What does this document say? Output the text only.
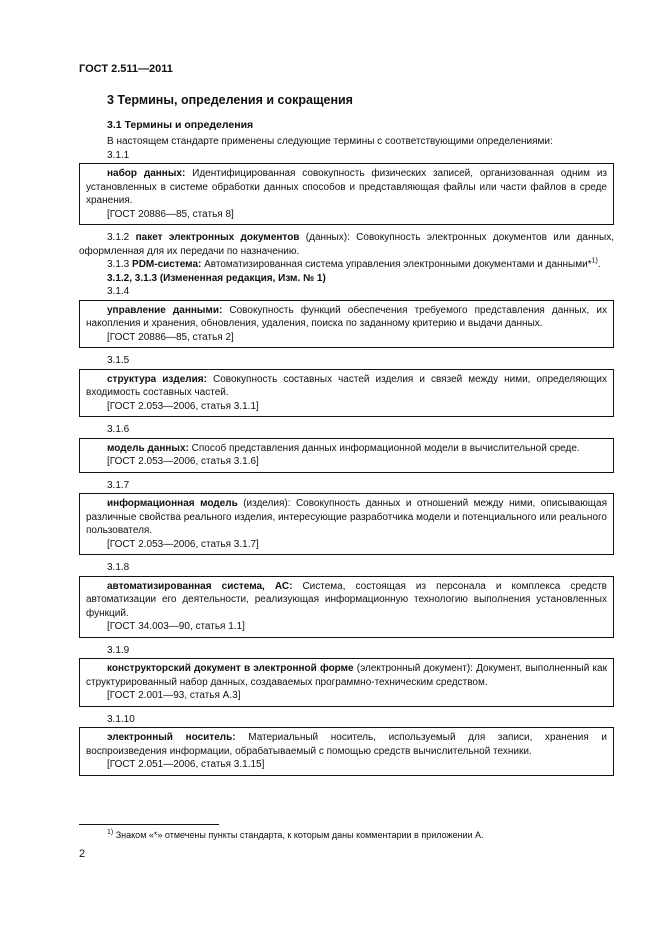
ГОСТ 2.511—2011
3 Термины, определения и сокращения
3.1 Термины и определения

В настоящем стандарте применены следующие термины с соответствующими определениями:

3.1.1

набор данных: Идентифицированная совокупность физических записей, организованная одним из установленных в системе обработки данных способов и представляющая файлы или части файлов в среде хранения.

[ГОСТ 20886—85, статья 8]

3.1.2 пакет электронных документов (данных): Совокупность электронных документов или данных, оформленная для их передачи по назначению.

3.1.3 PDM-система: Автоматизированная система управления электронными документами и данными*$^{1)}$.

3.1.2, 3.1.3 (Измененная редакция, Изм. № 1)

3.1.4

управление данными: Совокупность функций обеспечения требуемого представления данных, их накопления и хранения, обновления, удаления, поиска по заданному критерию и выдачи данных.

[ГОСТ 20886—85, статья 2]
3.1.5

структура изделия: Совокупность составных частей изделия и связей между ними, определяющих входимость составных частей.

[ГОСТ 2.053—2006, статья 3.1.1]
3.1.6

модель данных: Способ представления данных информационной модели в вычислительной среде.

[ГОСТ 2.053—2006, статья 3.1.6]
3.1.7

информационная модель (изделия): Совокупность данных и отношений между ними, описывающая различные свойства реального изделия, интересующие разработчика модели и потенциального или реального пользователя.

[ГОСТ 2.053—2006, статья 3.1.7]
3.1.8

автоматизированная система, АС: Система, состоящая из персонала и комплекса средств автоматизации его деятельности, реализующая информационную технологию выполнения установленных функций.

[ГОСТ 34.003—90, статья 1.1]
3.1.9

конструкторский документ в электронной форме (электронный документ): Документ, выполненный как структурированный набор данных, создаваемых программно-техническим средством.

[ГОСТ 2.001—93, статья А.3]
3.1.10

электронный носитель: Материальный носитель, используемый для записи, хранения и воспроизведения информации, обрабатываемый с помощью средств вычислительной техники.

[ГОСТ 2.051—2006, статья 3.1.15]
$^{1)}$ Знаком «*» отмечены пункты стандарта, к которым даны комментарии в приложении А.
2
